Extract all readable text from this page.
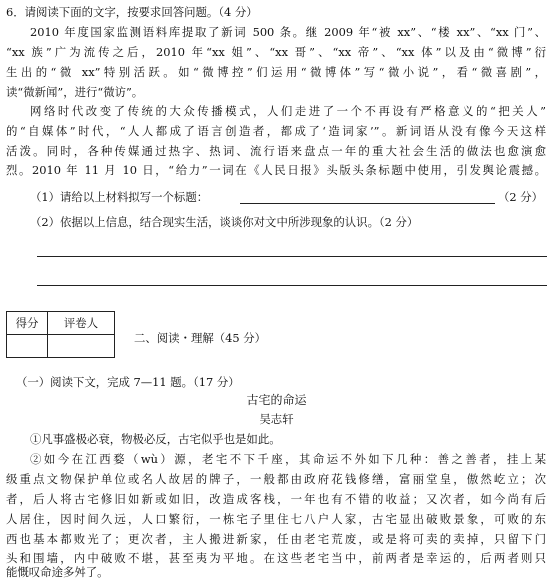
6．请阅读下面的文字，按要求回答问题。（4 分）
2010 年度国家监测语料库提取了新词 500 条。继 2009 年“被 xx”、“楼 xx”、“xx 门”、
“xx 族”广为流传之后，2010 年“xx 姐”、“xx 哥”、“xx 帝”、“xx 体”以及由“微博”衍
生出的“微 xx”特别活跃。如“微博控”们运用“微博体”写“微小说”，看“微喜剧”，
读“微新闻”，进行“微访”。
网络时代改变了传统的大众传播模式，人们走进了一个不再设有严格意义的“把关人”
的“自媒体”时代，“人人都成了语言创造者，都成了‘造词家’”。新词语从没有像今天这样
活泼。同时，各种传媒通过热字、热词、流行语来盘点一年的重大社会生活的做法也愈演愈
烈。2010 年 11 月 10 日，“给力”一词在《人民日报》头版头条标题中使用，引发舆论震撼。
（1）请给以上材料拟写一个标题：	（2 分）
（2）依据以上信息，结合现实生活，谈谈你对文中所涉现象的认识。（2 分）
得分	评卷人

二、阅读・理解（45 分）
（一）阅读下文，完成 7—11 题。（17 分）
古宅的命运
吴志轩
①凡事盛极必衰，物极必反，古宅似乎也是如此。
②如今在江西婺（wù）源，老宅不下千座，其命运不外如下几种：善之善者，挂上某
级重点文物保护单位或名人故居的牌子，一般都由政府花钱修缮，富丽堂皇，傲然屹立；次
者，后人将古宅修旧如新或如旧，改造成客栈，一年也有不错的收益；又次者，如今尚有后
人居住，因时间久远，人口繁衍，一栋宅子里住七八户人家，古宅显出破败景象，可败的东
西也基本都败光了；更次者，主人搬进新家，任由老宅荒废，或是将可卖的卖掉，只留下门
头和围墙，内中破败不堪，甚至夷为平地。在这些老宅当中，前两者是幸运的，后两者则只
能慨叹命途多舛了。
